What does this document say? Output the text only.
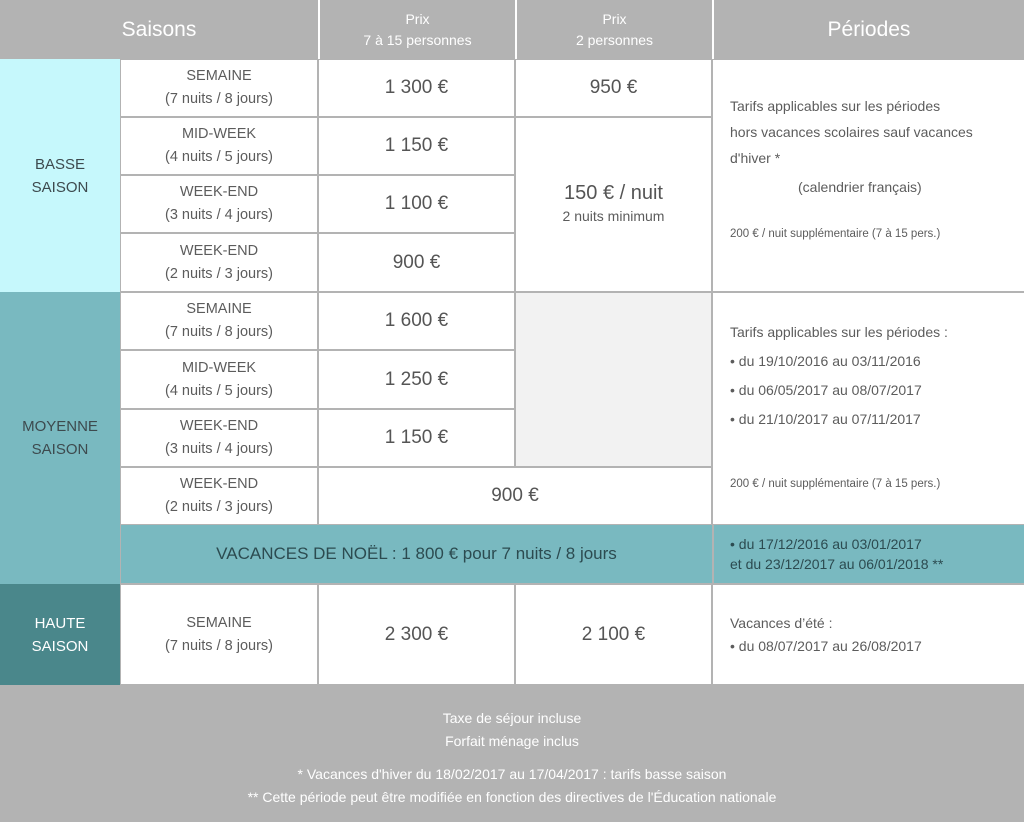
Saisons	Prix
7 à 15 personnes
Prix
2 personnes	Périodes
BASSE
SAISON
SEMAINE
(7 nuits / 8 jours)
1 300 €	950 €
MID-WEEK
(4 nuits / 5 jours)
1 150 €
WEEK-END
(3 nuits / 4 jours)
1 100 €
WEEK-END
(2 nuits / 3 jours)
900 €
150 € / nuit
2 nuits minimum
Tarifs applicables sur les périodes
hors vacances scolaires sauf vacances
d'hiver *
(calendrier français)
200 € / nuit supplémentaire (7 à 15 pers.)
MOYENNE
SAISON
SEMAINE
(7 nuits / 8 jours)
1 600 €
MID-WEEK
(4 nuits / 5 jours)
1 250 €
WEEK-END
(3 nuits / 4 jours)
1 150 €
WEEK-END
(2 nuits / 3 jours)
900 €
Tarifs applicables sur les périodes :
• du 19/10/2016 au 03/11/2016
• du 06/05/2017 au 08/07/2017
• du 21/10/2017 au 07/11/2017
200 € / nuit supplémentaire (7 à 15 pers.)
VACANCES DE NOËL : 1 800 € pour 7 nuits / 8 jours
•	du 17/12/2016 au 03/01/2017
et du 23/12/2017 au 06/01/2018 **
HAUTE
SAISON
SEMAINE
(7 nuits / 8 jours)
2 300 €	2 100 €
Vacances d’été :
• du 08/07/2017 au 26/08/2017
Taxe de séjour incluse
Forfait ménage inclus
* Vacances d'hiver du 18/02/2017 au 17/04/2017 : tarifs basse saison
** Cette période peut être modifiée en fonction des directives de l'Éducation nationale
